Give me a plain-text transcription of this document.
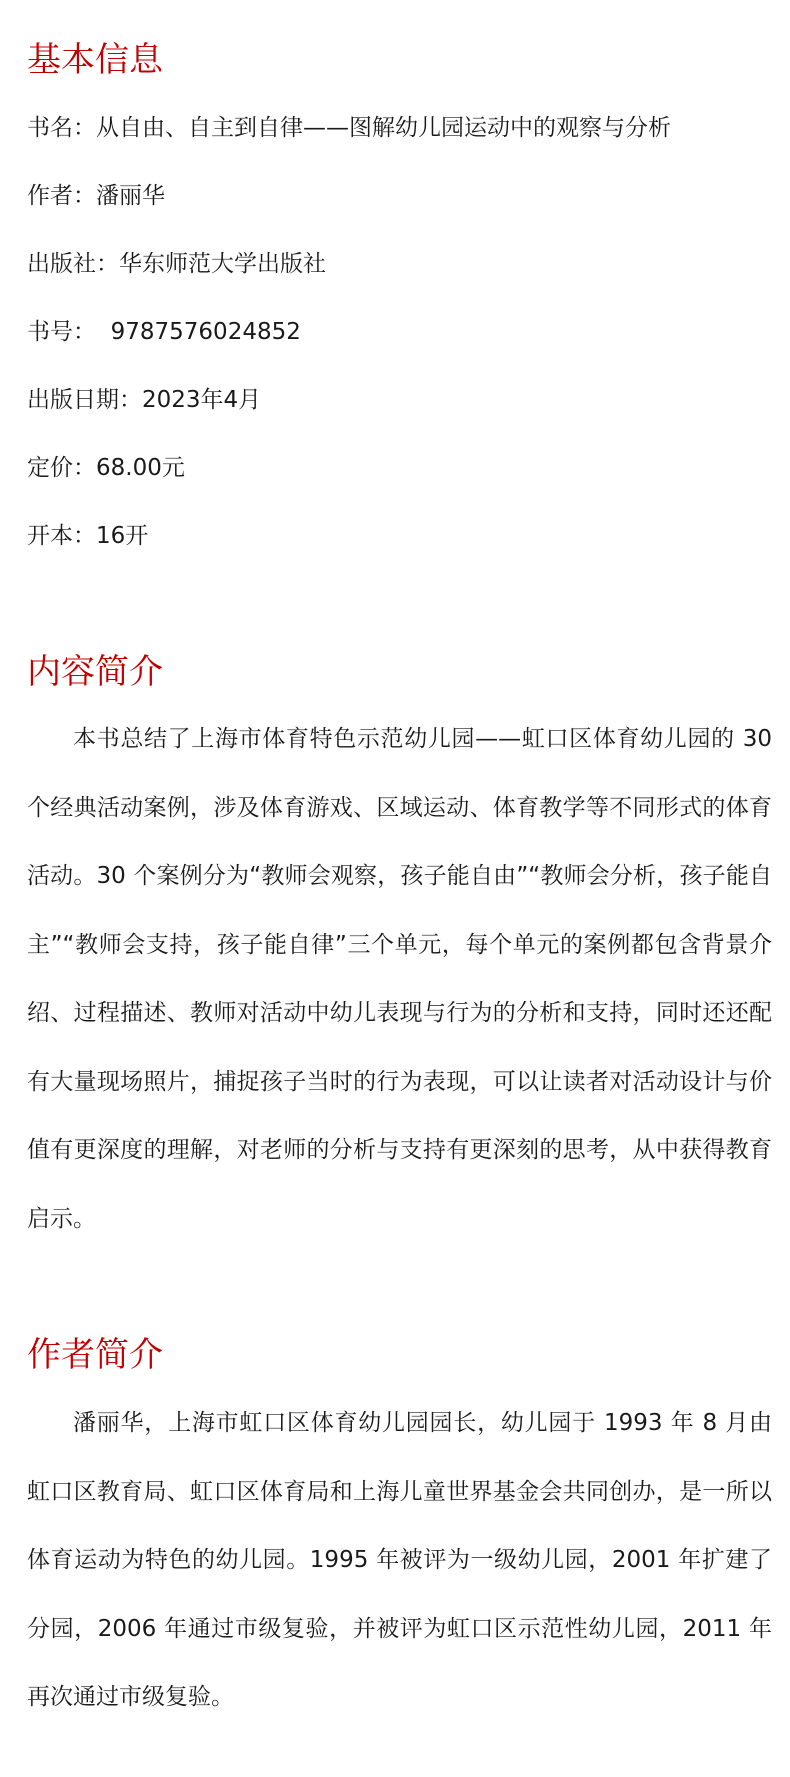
基本信息
书名：从自由、自主到自律——图解幼儿园运动中的观察与分析
作者：潘丽华
出版社：华东师范大学出版社
书号：  9787576024852
出版日期：2023年4月
定价：68.00元
开本：16开
内容简介

本书总结了上海市体育特色示范幼儿园——虹口区体育幼儿园的 30 个经典活动案例，涉及体育游戏、区域运动、体育教学等不同形式的体育活动。30 个案例分为“教师会观察，孩子能自由”“教师会分析，孩子能自主”“教师会支持，孩子能自律”三个单元，每个单元的案例都包含背景介绍、过程描述、教师对活动中幼儿表现与行为的分析和支持，同时还还配有大量现场照片，捕捉孩子当时的行为表现，可以让读者对活动设计与价值有更深度的理解，对老师的分析与支持有更深刻的思考，从中获得教育启示。

作者简介

潘丽华，上海市虹口区体育幼儿园园长，幼儿园于 1993 年 8 月由虹口区教育局、虹口区体育局和上海儿童世界基金会共同创办，是一所以体育运动为特色的幼儿园。1995 年被评为一级幼儿园，2001 年扩建了分园，2006 年通过市级复验，并被评为虹口区示范性幼儿园，2011 年再次通过市级复验。
